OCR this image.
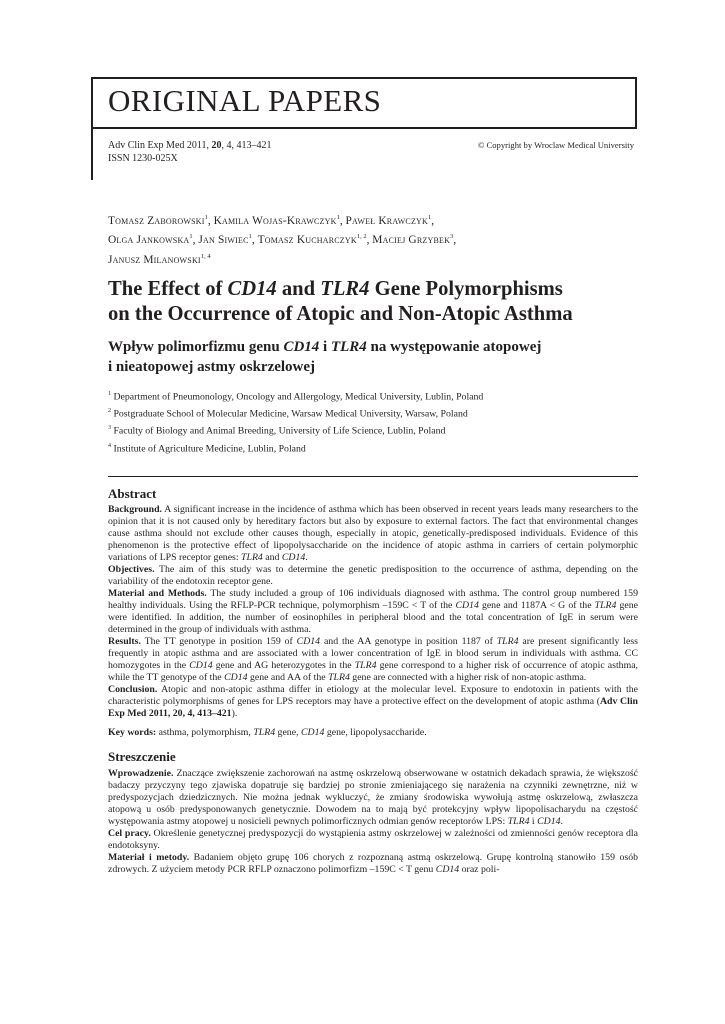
ORIGINAL PAPERS
Adv Clin Exp Med 2011, 20, 4, 413–421
ISSN 1230-025X
© Copyright by Wroclaw Medical University

Tomasz Zaborowski$^1$, Kamila Wojas-Krawczyk$^1$, Paweł Krawczyk$^1$,
Olga Jankowska$^1$, Jan Siwiec$^1$, Tomasz Kucharczyk$^{1, 2}$, Maciej Grzybek$^3$,
Janusz Milanowski$^{1, 4}$

The Effect of CD14 and TLR4 Gene Polymorphisms
on the Occurrence of Atopic and Non-Atopic Asthma
Wpływ polimorfizmu genu CD14 i TLR4 na występowanie atopowej
i nieatopowej astmy oskrzelowej
$^1$ Department of Pneumonology, Oncology and Allergology, Medical University, Lublin, Poland
$^2$ Postgraduate School of Molecular Medicine, Warsaw Medical University, Warsaw, Poland
$^3$ Faculty of Biology and Animal Breeding, University of Life Science, Lublin, Poland
$^4$ Institute of Agriculture Medicine, Lublin, Poland
Abstract

Background. A significant increase in the incidence of asthma which has been observed in recent years leads many researchers to the opinion that it is not caused only by hereditary factors but also by exposure to external factors. The fact that environmental changes cause asthma should not exclude other causes though, especially in atopic, genetically-predisposed individuals. Evidence of this phenomenon is the protective effect of lipopolysaccharide on the incidence of atopic asthma in carriers of certain polymorphic variations of LPS receptor genes: TLR4 and CD14.

Objectives. The aim of this study was to determine the genetic predisposition to the occurrence of asthma, depending on the variability of the endotoxin receptor gene.

Material and Methods. The study included a group of 106 individuals diagnosed with asthma. The control group numbered 159 healthy individuals. Using the RFLP-PCR technique, polymorphism –159C < T of the CD14 gene and 1187A < G of the TLR4 gene were identified. In addition, the number of eosinophiles in peripheral blood and the total concentration of IgE in serum were determined in the group of individuals with asthma.

Results. The TT genotype in position 159 of CD14 and the AA genotype in position 1187 of TLR4 are present significantly less frequently in atopic asthma and are associated with a lower concentration of IgE in blood serum in individuals with asthma. CC homozygotes in the CD14 gene and AG heterozygotes in the TLR4 gene correspond to a higher risk of occurrence of atopic asthma, while the TT genotype of the CD14 gene and AA of the TLR4 gene are connected with a higher risk of non-atopic asthma.

Conclusion. Atopic and non-atopic asthma differ in etiology at the molecular level. Exposure to endotoxin in patients with the characteristic polymorphisms of genes for LPS receptors may have a protective effect on the development of atopic asthma (Adv Clin Exp Med 2011, 20, 4, 413–421).

Key words: asthma, polymorphism, TLR4 gene, CD14 gene, lipopolysaccharide.

Streszczenie

Wprowadzenie. Znaczące zwiększenie zachorowań na astmę oskrzelową obserwowane w ostatnich dekadach sprawia, że większość badaczy przyczyny tego zjawiska dopatruje się bardziej po stronie zmieniającego się narażenia na czynniki zewnętrzne, niż w predyspozycjach dziedzicznych. Nie można jednak wykluczyć, że zmiany środowiska wywołują astmę oskrzelową, zwłaszcza atopową u osób predysponowanych genetycznie. Dowodem na to mają być protekcyjny wpływ lipopolisacharydu na częstość występowania astmy atopowej u nosicieli pewnych polimorficznych odmian genów receptorów LPS: TLR4 i CD14.

Cel pracy. Określenie genetycznej predyspozycji do wystąpienia astmy oskrzelowej w zależności od zmienności genów receptora dla endotoksyny.

Materiał i metody. Badaniem objęto grupę 106 chorych z rozpoznaną astmą oskrzelową. Grupę kontrolną stanowiło 159 osób zdrowych. Z użyciem metody PCR RFLP oznaczono polimorfizm –159C < T genu CD14 oraz poli-
